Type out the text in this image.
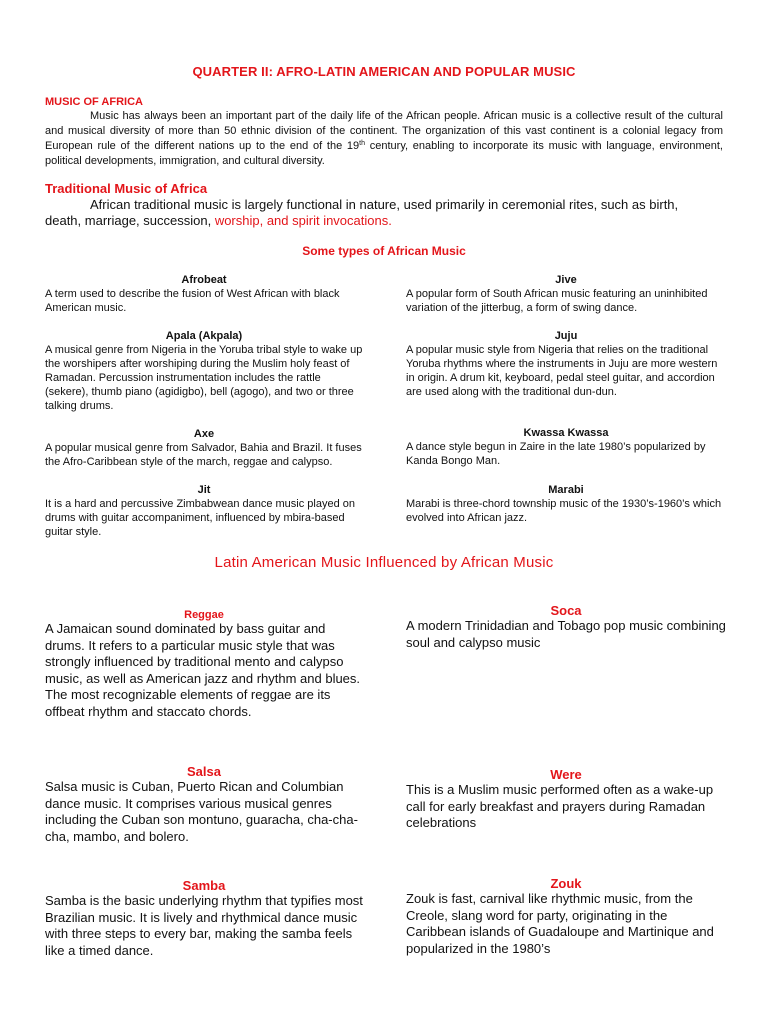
QUARTER II: AFRO-LATIN AMERICAN AND POPULAR MUSIC
MUSIC OF AFRICA
Music has always been an important part of the daily life of the African people. African music is a collective result of the cultural and musical diversity of more than 50 ethnic division of the continent. The organization of this vast continent is a colonial legacy from European rule of the different nations up to the end of the 19th century, enabling to incorporate its music with language, environment, political developments, immigration, and cultural diversity.
Traditional Music of Africa
African traditional music is largely functional in nature, used primarily in ceremonial rites, such as birth, death, marriage, succession, worship, and spirit invocations.
Some types of African Music
Afrobeat
A term used to describe the fusion of West African with black American music.
Apala (Akpala)
A musical genre from Nigeria in the Yoruba tribal style to wake up the worshipers after worshiping during the Muslim holy feast of Ramadan. Percussion instrumentation includes the rattle (sekere), thumb piano (agidigbo), bell (agogo), and two or three talking drums.
Axe
A popular musical genre from Salvador, Bahia and Brazil. It fuses the Afro-Caribbean style of the march, reggae and calypso.
Jit
It is a hard and percussive Zimbabwean dance music played on drums with guitar accompaniment, influenced by mbira-based guitar style.
Jive
A popular form of South African music featuring an uninhibited variation of the jitterbug, a form of swing dance.
Juju
A popular music style from Nigeria that relies on the traditional Yoruba rhythms where the instruments in Juju are more western in origin. A drum kit, keyboard, pedal steel guitar, and accordion are used along with the traditional dun-dun.
Kwassa Kwassa
A dance style begun in Zaire in the late 1980’s popularized by Kanda Bongo Man.
Marabi
Marabi is three-chord township music of the 1930’s-1960’s which evolved into African jazz.
Latin American Music Influenced by African Music
Reggae
A Jamaican sound dominated by bass guitar and drums. It refers to a particular music style that was strongly influenced by traditional mento and calypso music, as well as American jazz and rhythm and blues. The most recognizable elements of reggae are its offbeat rhythm and staccato chords.
Soca
A modern Trinidadian and Tobago pop music combining soul and calypso music
Salsa
Salsa music is Cuban, Puerto Rican and Columbian dance music. It comprises various musical genres including the Cuban son montuno, guaracha, cha-cha-cha, mambo, and bolero.
Were
This is a Muslim music performed often as a wake-up call for early breakfast and prayers during Ramadan celebrations
Samba
Samba is the basic underlying rhythm that typifies most Brazilian music. It is lively and rhythmical dance music with three steps to every bar, making the samba feels like a timed dance.
Zouk
Zouk is fast, carnival like rhythmic music, from the Creole, slang word for party, originating in the Caribbean islands of Guadaloupe and Martinique and popularized in the 1980’s
